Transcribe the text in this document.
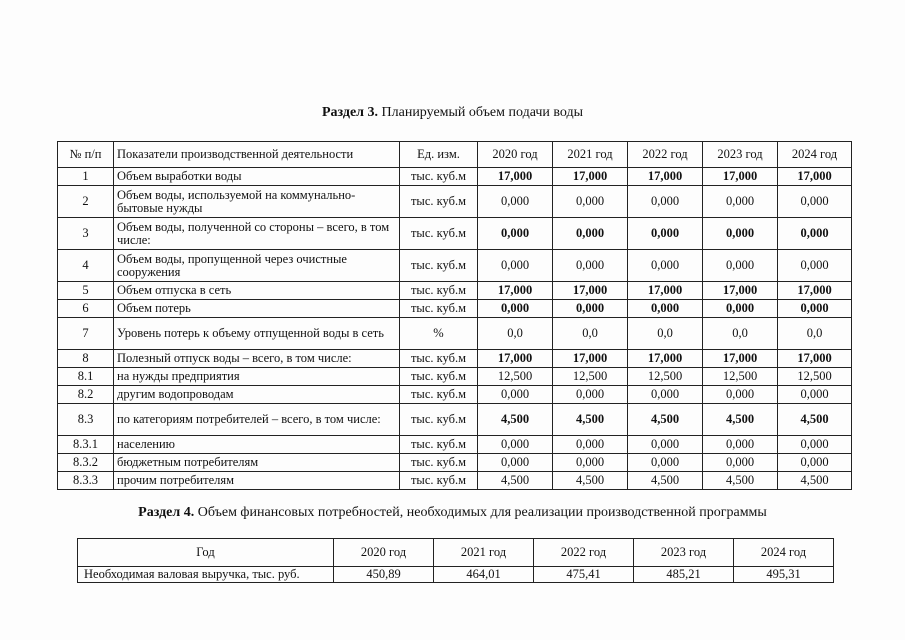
Раздел 3. Планируемый объем подачи воды
№ п/п	Показатели производственной деятельности	Ед. изм.	2020 год	2021 год	2022 год	2023 год	2024 год
1	Объем выработки воды	тыс. куб.м	17,000	17,000	17,000	17,000	17,000
2	Объем воды, используемой на коммунально-бытовые нужды	тыс. куб.м	0,000	0,000	0,000	0,000	0,000
3	Объем воды, полученной со стороны – всего, в том числе:	тыс. куб.м	0,000	0,000	0,000	0,000	0,000
4	Объем воды, пропущенной через очистные сооружения	тыс. куб.м	0,000	0,000	0,000	0,000	0,000
5	Объем отпуска в сеть	тыс. куб.м	17,000	17,000	17,000	17,000	17,000
6	Объем потерь	тыс. куб.м	0,000	0,000	0,000	0,000	0,000
7	Уровень потерь к объему отпущенной воды в сеть	%	0,0	0,0	0,0	0,0	0,0
8	Полезный отпуск воды – всего, в том числе:	тыс. куб.м	17,000	17,000	17,000	17,000	17,000
8.1	на нужды предприятия	тыс. куб.м	12,500	12,500	12,500	12,500	12,500
8.2	другим водопроводам	тыс. куб.м	0,000	0,000	0,000	0,000	0,000
8.3	по категориям потребителей – всего, в том числе:	тыс. куб.м	4,500	4,500	4,500	4,500	4,500
8.3.1	населению	тыс. куб.м	0,000	0,000	0,000	0,000	0,000
8.3.2	бюджетным потребителям	тыс. куб.м	0,000	0,000	0,000	0,000	0,000
8.3.3	прочим потребителям	тыс. куб.м	4,500	4,500	4,500	4,500	4,500
Раздел 4. Объем финансовых потребностей, необходимых для реализации производственной программы
Год	2020 год	2021 год	2022 год	2023 год	2024 год
Необходимая валовая выручка, тыс. руб.	450,89	464,01	475,41	485,21	495,31
